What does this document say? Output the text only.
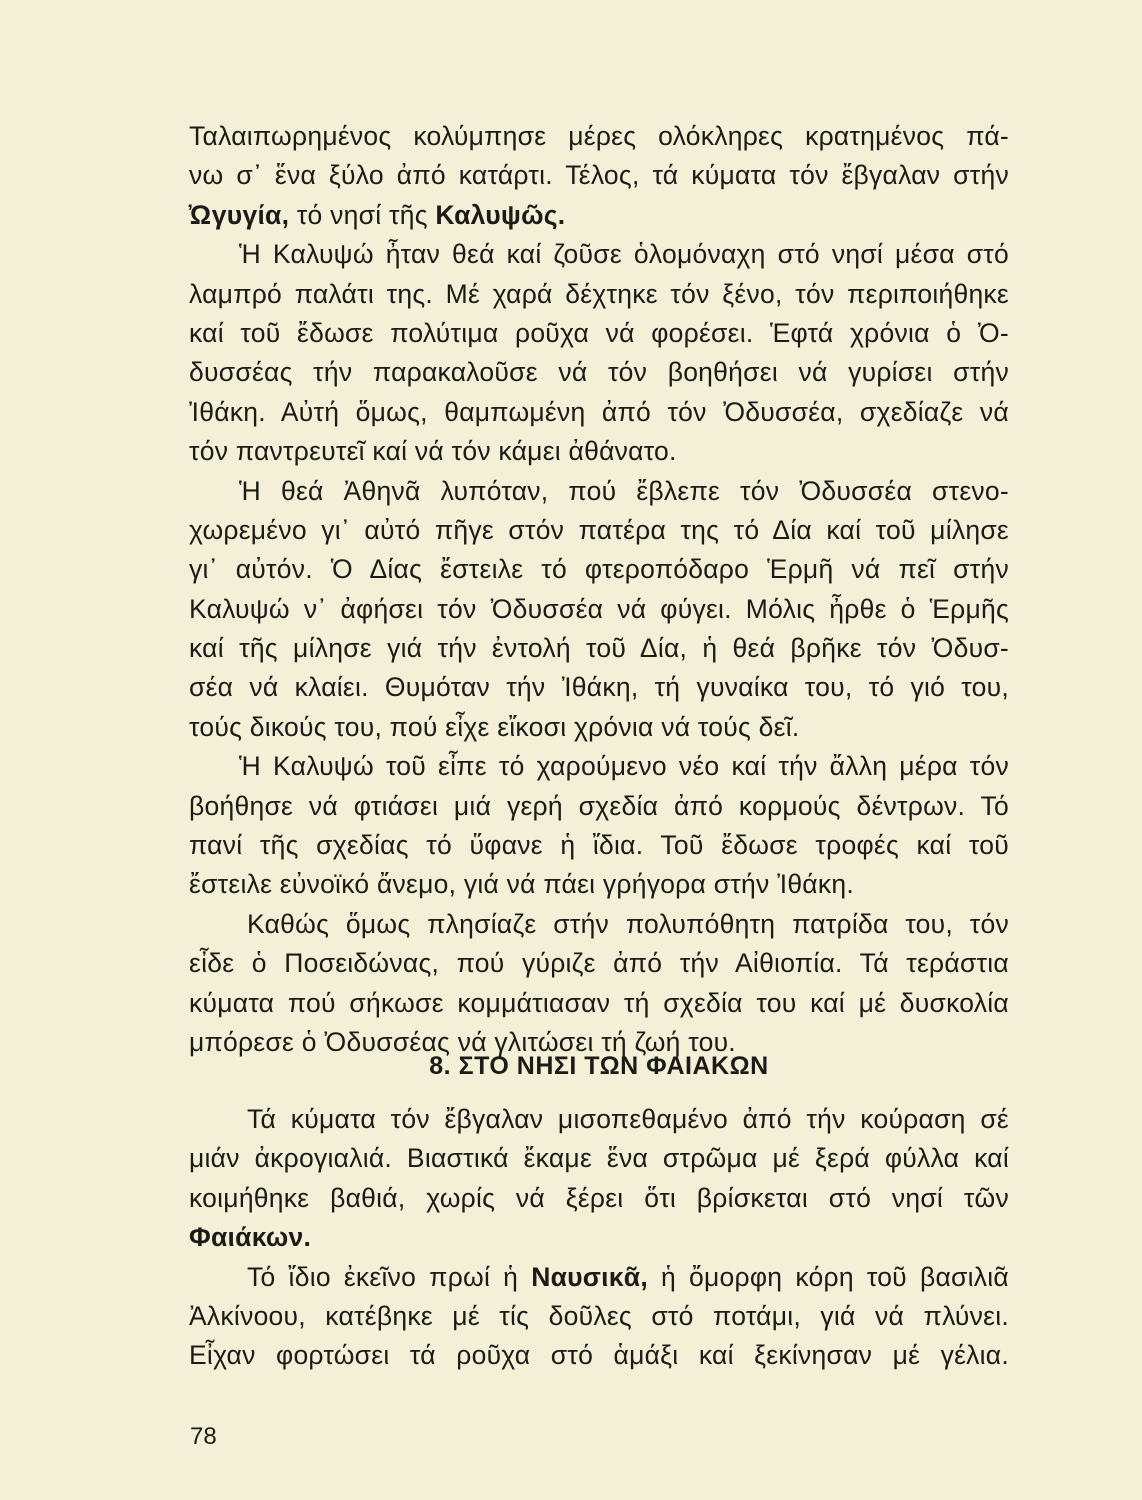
Ταλαιπωρημένος κολύμπησε μέρες ολόκληρες κρατημένος πά-
νω σ᾽ ἕνα ξύλο ἀπό κατάρτι. Τέλος, τά κύματα τόν ἔβγαλαν στήν
Ὠγυγία, τό νησί τῆς Καλυψῶς.
Ἡ Καλυψώ ἦταν θεά καί ζοῦσε ὁλομόναχη στό νησί μέσα στό
λαμπρό παλάτι της. Μέ χαρά δέχτηκε τόν ξένο, τόν περιποιήθηκε
καί τοῦ ἔδωσε πολύτιμα ροῦχα νά φορέσει. Ἑφτά χρόνια ὁ Ὀ-
δυσσέας τήν παρακαλοῦσε νά τόν βοηθήσει νά γυρίσει στήν
Ἰθάκη. Αὐτή ὅμως, θαμπωμένη ἀπό τόν Ὀδυσσέα, σχεδίαζε νά
τόν παντρευτεῖ καί νά τόν κάμει ἀθάνατο.
Ἡ θεά Ἀθηνᾶ λυπόταν, πού ἔβλεπε τόν Ὀδυσσέα στενο-
χωρεμένο γι᾽ αὐτό πῆγε στόν πατέρα της τό Δία καί τοῦ μίλησε
γι᾽ αὐτόν. Ὁ Δίας ἔστειλε τό φτεροπόδαρο Ἑρμῆ νά πεῖ στήν
Καλυψώ ν᾽ ἀφήσει τόν Ὀδυσσέα νά φύγει. Μόλις ἦρθε ὁ Ἑρμῆς
καί τῆς μίλησε γιά τήν ἐντολή τοῦ Δία, ἡ θεά βρῆκε τόν Ὀδυσ-
σέα νά κλαίει. Θυμόταν τήν Ἰθάκη, τή γυναίκα του, τό γιό του,
τούς δικούς του, πού εἶχε εἴκοσι χρόνια νά τούς δεῖ.
Ἡ Καλυψώ τοῦ εἶπε τό χαρούμενο νέο καί τήν ἄλλη μέρα τόν
βοήθησε νά φτιάσει μιά γερή σχεδία ἀπό κορμούς δέντρων. Τό
πανί τῆς σχεδίας τό ὕφανε ἡ ἴδια. Τοῦ ἔδωσε τροφές καί τοῦ
ἔστειλε εὐνοϊκό ἄνεμο, γιά νά πάει γρήγορα στήν Ἰθάκη.
Καθώς ὅμως πλησίαζε στήν πολυπόθητη πατρίδα του, τόν
εἶδε ὁ Ποσειδώνας, πού γύριζε ἀπό τήν Αἰθιοπία. Τά τεράστια
κύματα πού σήκωσε κομμάτιασαν τή σχεδία του καί μέ δυσκολία
μπόρεσε ὁ Ὀδυσσέας νά γλιτώσει τή ζωή του.
8. ΣΤΟ ΝΗΣΙ ΤΩΝ ΦΑΙΑΚΩΝ
Τά κύματα τόν ἔβγαλαν μισοπεθαμένο ἀπό τήν κούραση σέ
μιάν ἀκρογιαλιά. Βιαστικά ἔκαμε ἕνα στρῶμα μέ ξερά φύλλα καί
κοιμήθηκε βαθιά, χωρίς νά ξέρει ὅτι βρίσκεται στό νησί τῶν
Φαιάκων.
Τό ἴδιο ἐκεῖνο πρωί ἡ Ναυσικᾶ, ἡ ὄμορφη κόρη τοῦ βασιλιᾶ
Ἀλκίνοου, κατέβηκε μέ τίς δοῦλες στό ποτάμι, γιά νά πλύνει.
Εἶχαν φορτώσει τά ροῦχα στό ἁμάξι καί ξεκίνησαν μέ γέλια.
78
